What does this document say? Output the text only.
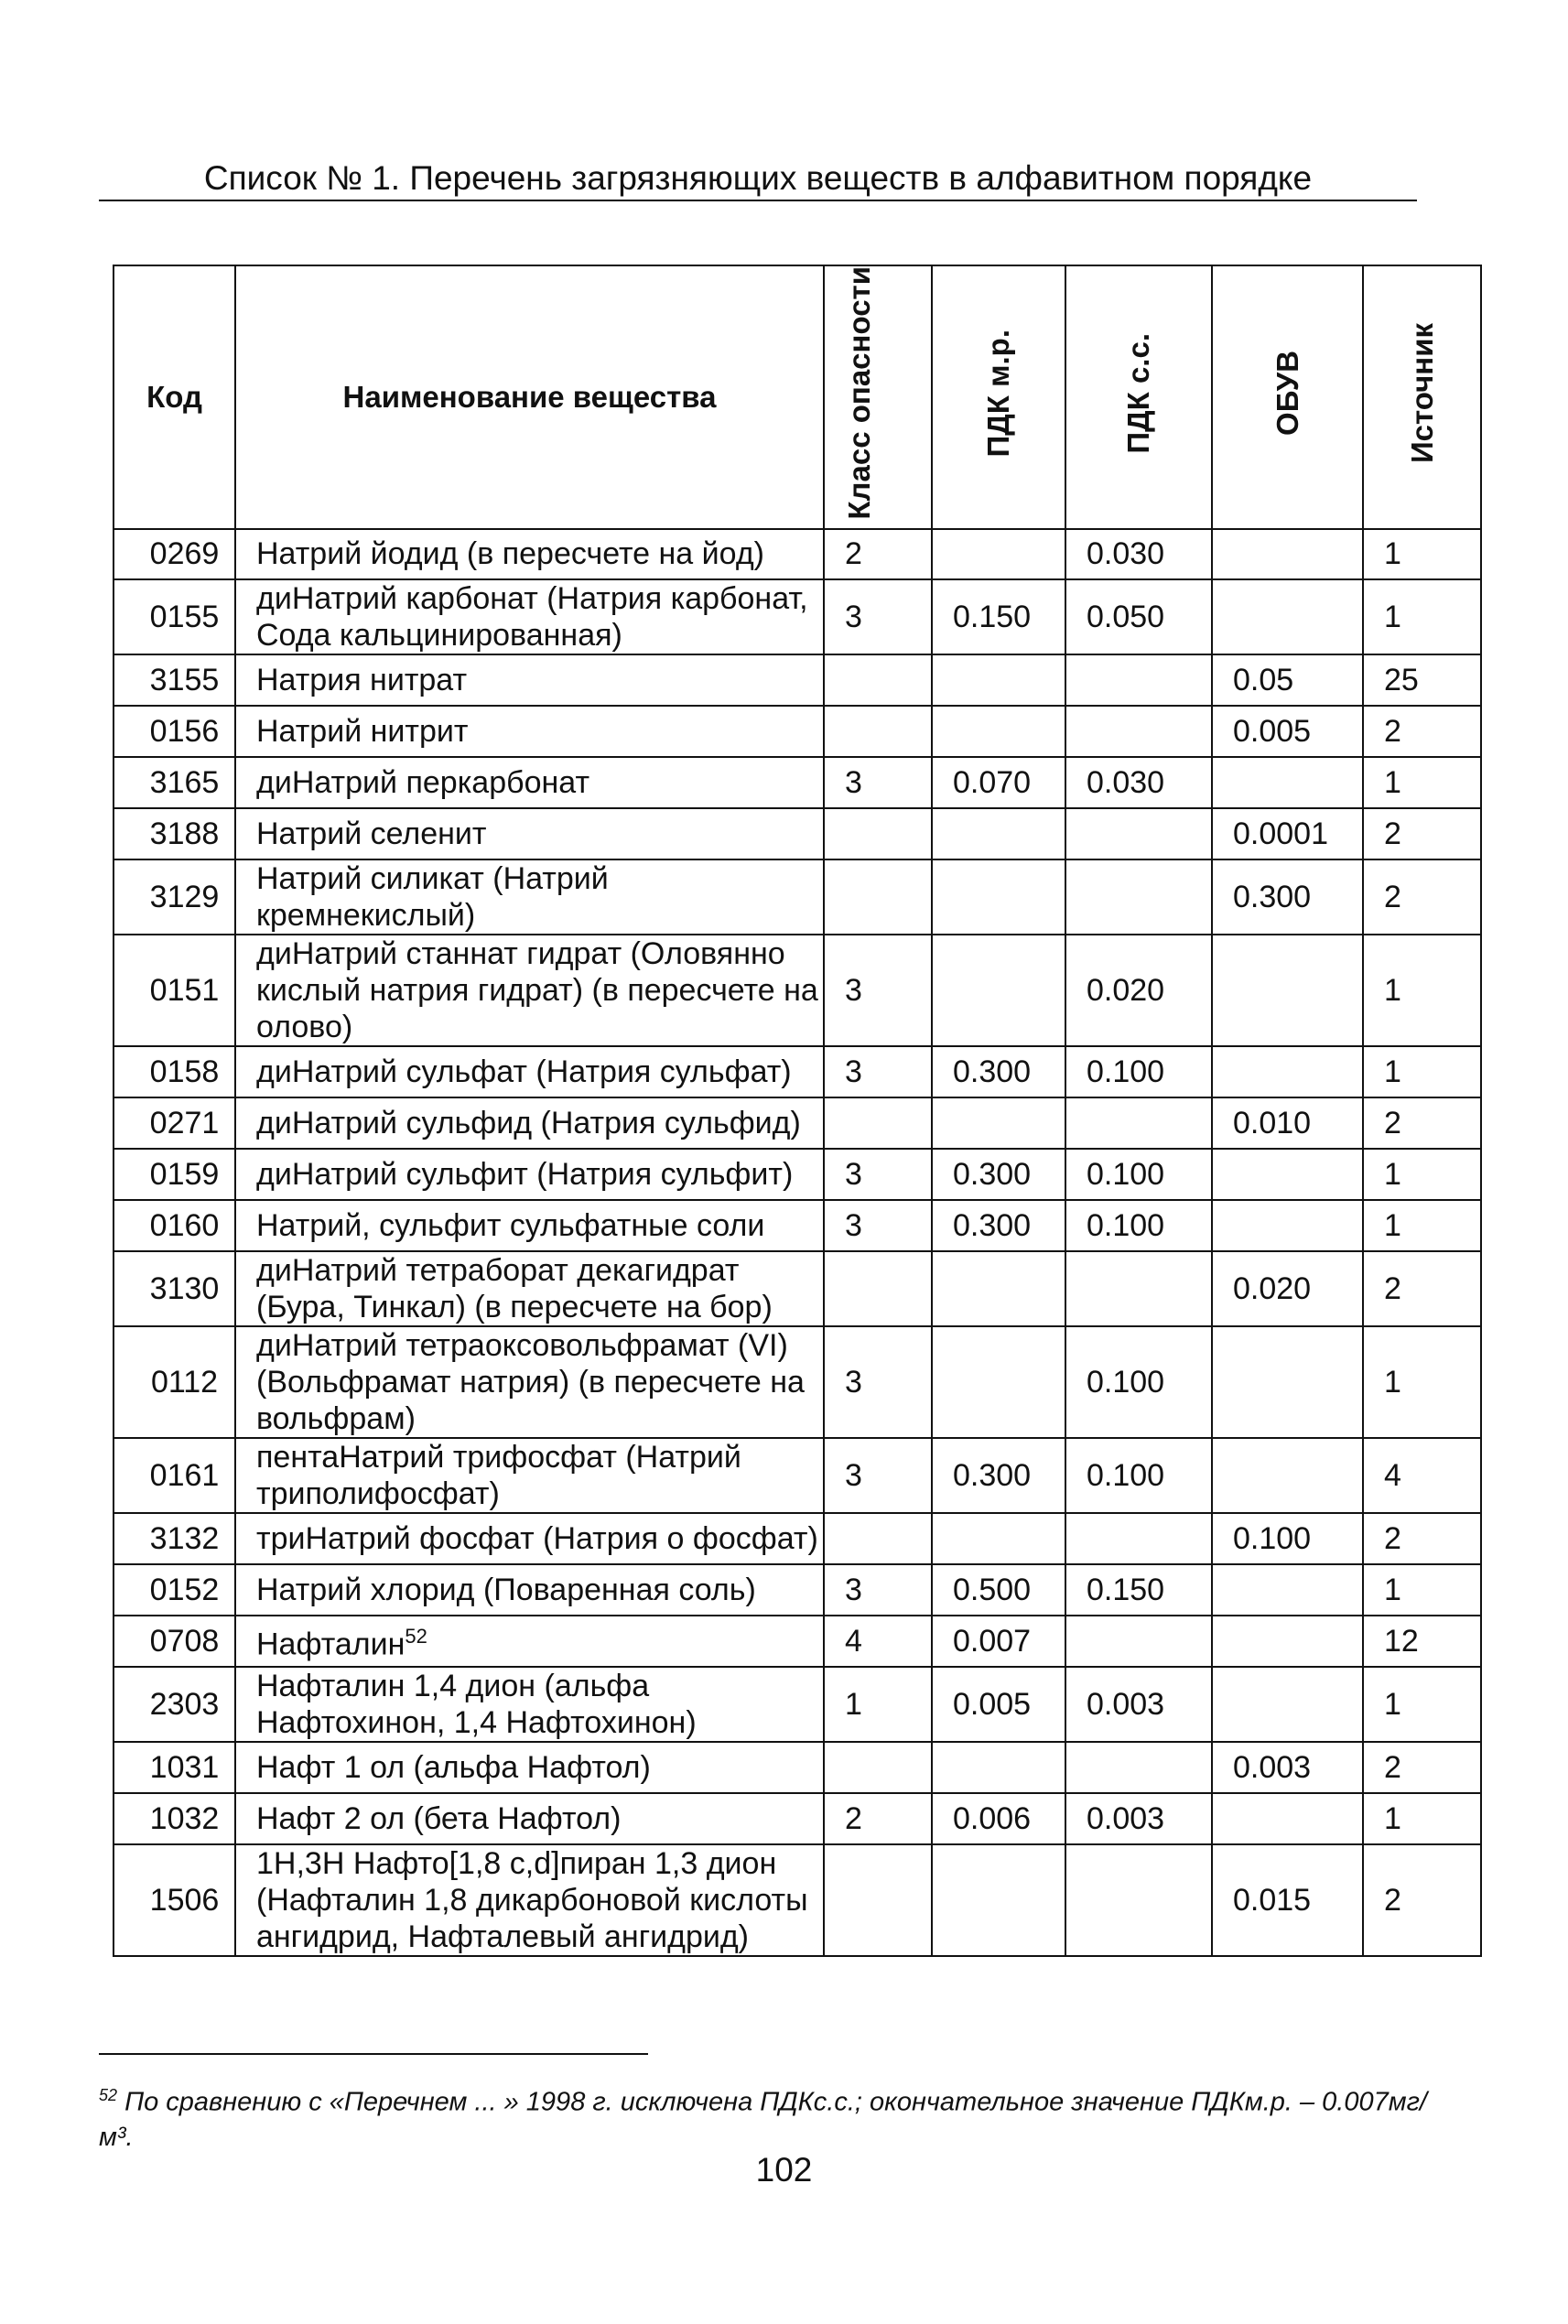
Список № 1. Перечень загрязняющих веществ в алфавитном порядке
Код	Наименование вещества	Класс опасности	ПДК м.р.	ПДК с.с.	ОБУВ	Источник
0269	Натрий йодид (в пересчете на йод)	2		0.030		1
0155	диНатрий карбонат (Натрия карбонат, Сода кальцинированная)	3	0.150	0.050		1
3155	Натрия нитрат				0.05	25
0156	Натрий нитрит				0.005	2
3165	диНатрий перкарбонат	3	0.070	0.030		1
3188	Натрий селенит				0.0001	2
3129	Натрий силикат (Натрий кремнекислый)				0.300	2
0151	диНатрий станнат гидрат (Оловянно кислый натрия гидрат) (в пересчете на олово)	3		0.020		1
0158	диНатрий сульфат (Натрия сульфат)	3	0.300	0.100		1
0271	диНатрий сульфид (Натрия сульфид)				0.010	2
0159	диНатрий сульфит (Натрия сульфит)	3	0.300	0.100		1
0160	Натрий, сульфит сульфатные соли	3	0.300	0.100		1
3130	диНатрий тетраборат декагидрат (Бура, Тинкал) (в пересчете на бор)				0.020	2
0112	диНатрий тетраоксовольфрамат (VI) (Вольфрамат натрия) (в пересчете на вольфрам)	3		0.100		1
0161	пентаНатрий трифосфат (Натрий триполифосфат)	3	0.300	0.100		4
3132	триНатрий фосфат (Натрия о фосфат)				0.100	2
0152	Натрий хлорид (Поваренная соль)	3	0.500	0.150		1
0708	Нафталин$^{52}$	4	0.007			12
2303	Нафталин 1,4 дион (альфа Нафтохинон, 1,4 Нафтохинон)	1	0.005	0.003		1
1031	Нафт 1 ол (альфа Нафтол)				0.003	2
1032	Нафт 2 ол (бета Нафтол)	2	0.006	0.003		1
1506	1H,3H Нафто[1,8 c,d]пиран 1,3 дион (Нафталин 1,8 дикарбоновой кислоты ангидрид, Нафталевый ангидрид)				0.015	2
$^{52}$ По сравнению с «Перечнем ... » 1998 г. исключена ПДКс.с.; окончательное значение ПДКм.р. – 0.007мг/м³.
102
